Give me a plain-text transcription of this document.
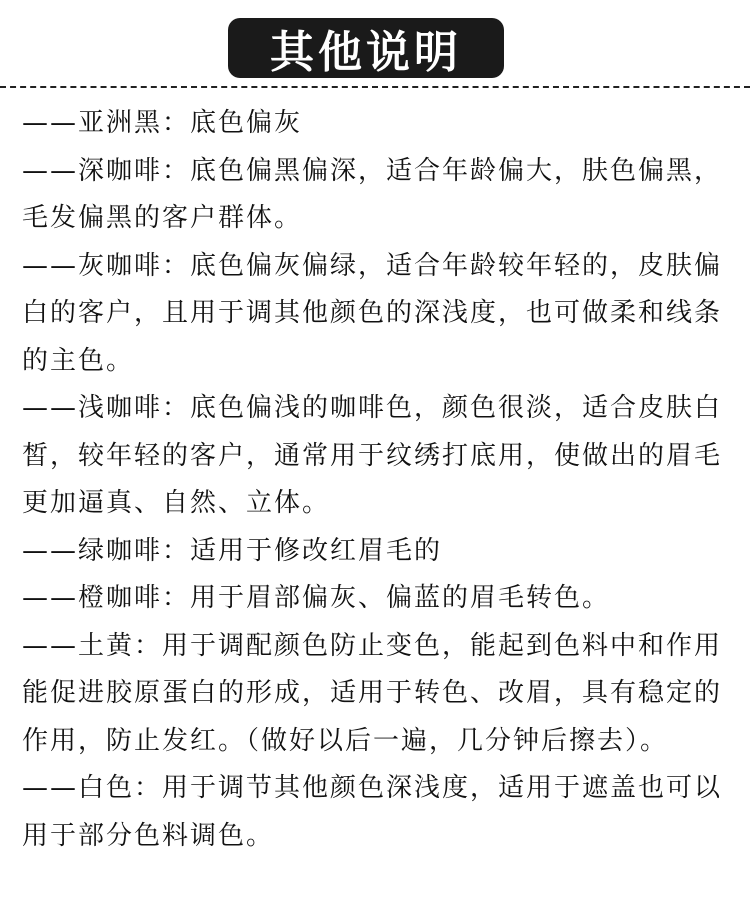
其他说明

——亚洲黑：底色偏灰

——深咖啡：底色偏黑偏深，适合年龄偏大，肤色偏黑，毛发偏黑的客户群体。

——灰咖啡：底色偏灰偏绿，适合年龄较年轻的，皮肤偏白的客户，且用于调其他颜色的深浅度，也可做柔和线条的主色。

——浅咖啡：底色偏浅的咖啡色，颜色很淡，适合皮肤白皙，较年轻的客户，通常用于纹绣打底用，使做出的眉毛更加逼真、自然、立体。

——绿咖啡：适用于修改红眉毛的

——橙咖啡：用于眉部偏灰、偏蓝的眉毛转色。

——土黄：用于调配颜色防止变色，能起到色料中和作用能促进胶原蛋白的形成，适用于转色、改眉，具有稳定的作用，防止发红。（做好以后一遍，几分钟后擦去）。

——白色：用于调节其他颜色深浅度，适用于遮盖也可以用于部分色料调色。
